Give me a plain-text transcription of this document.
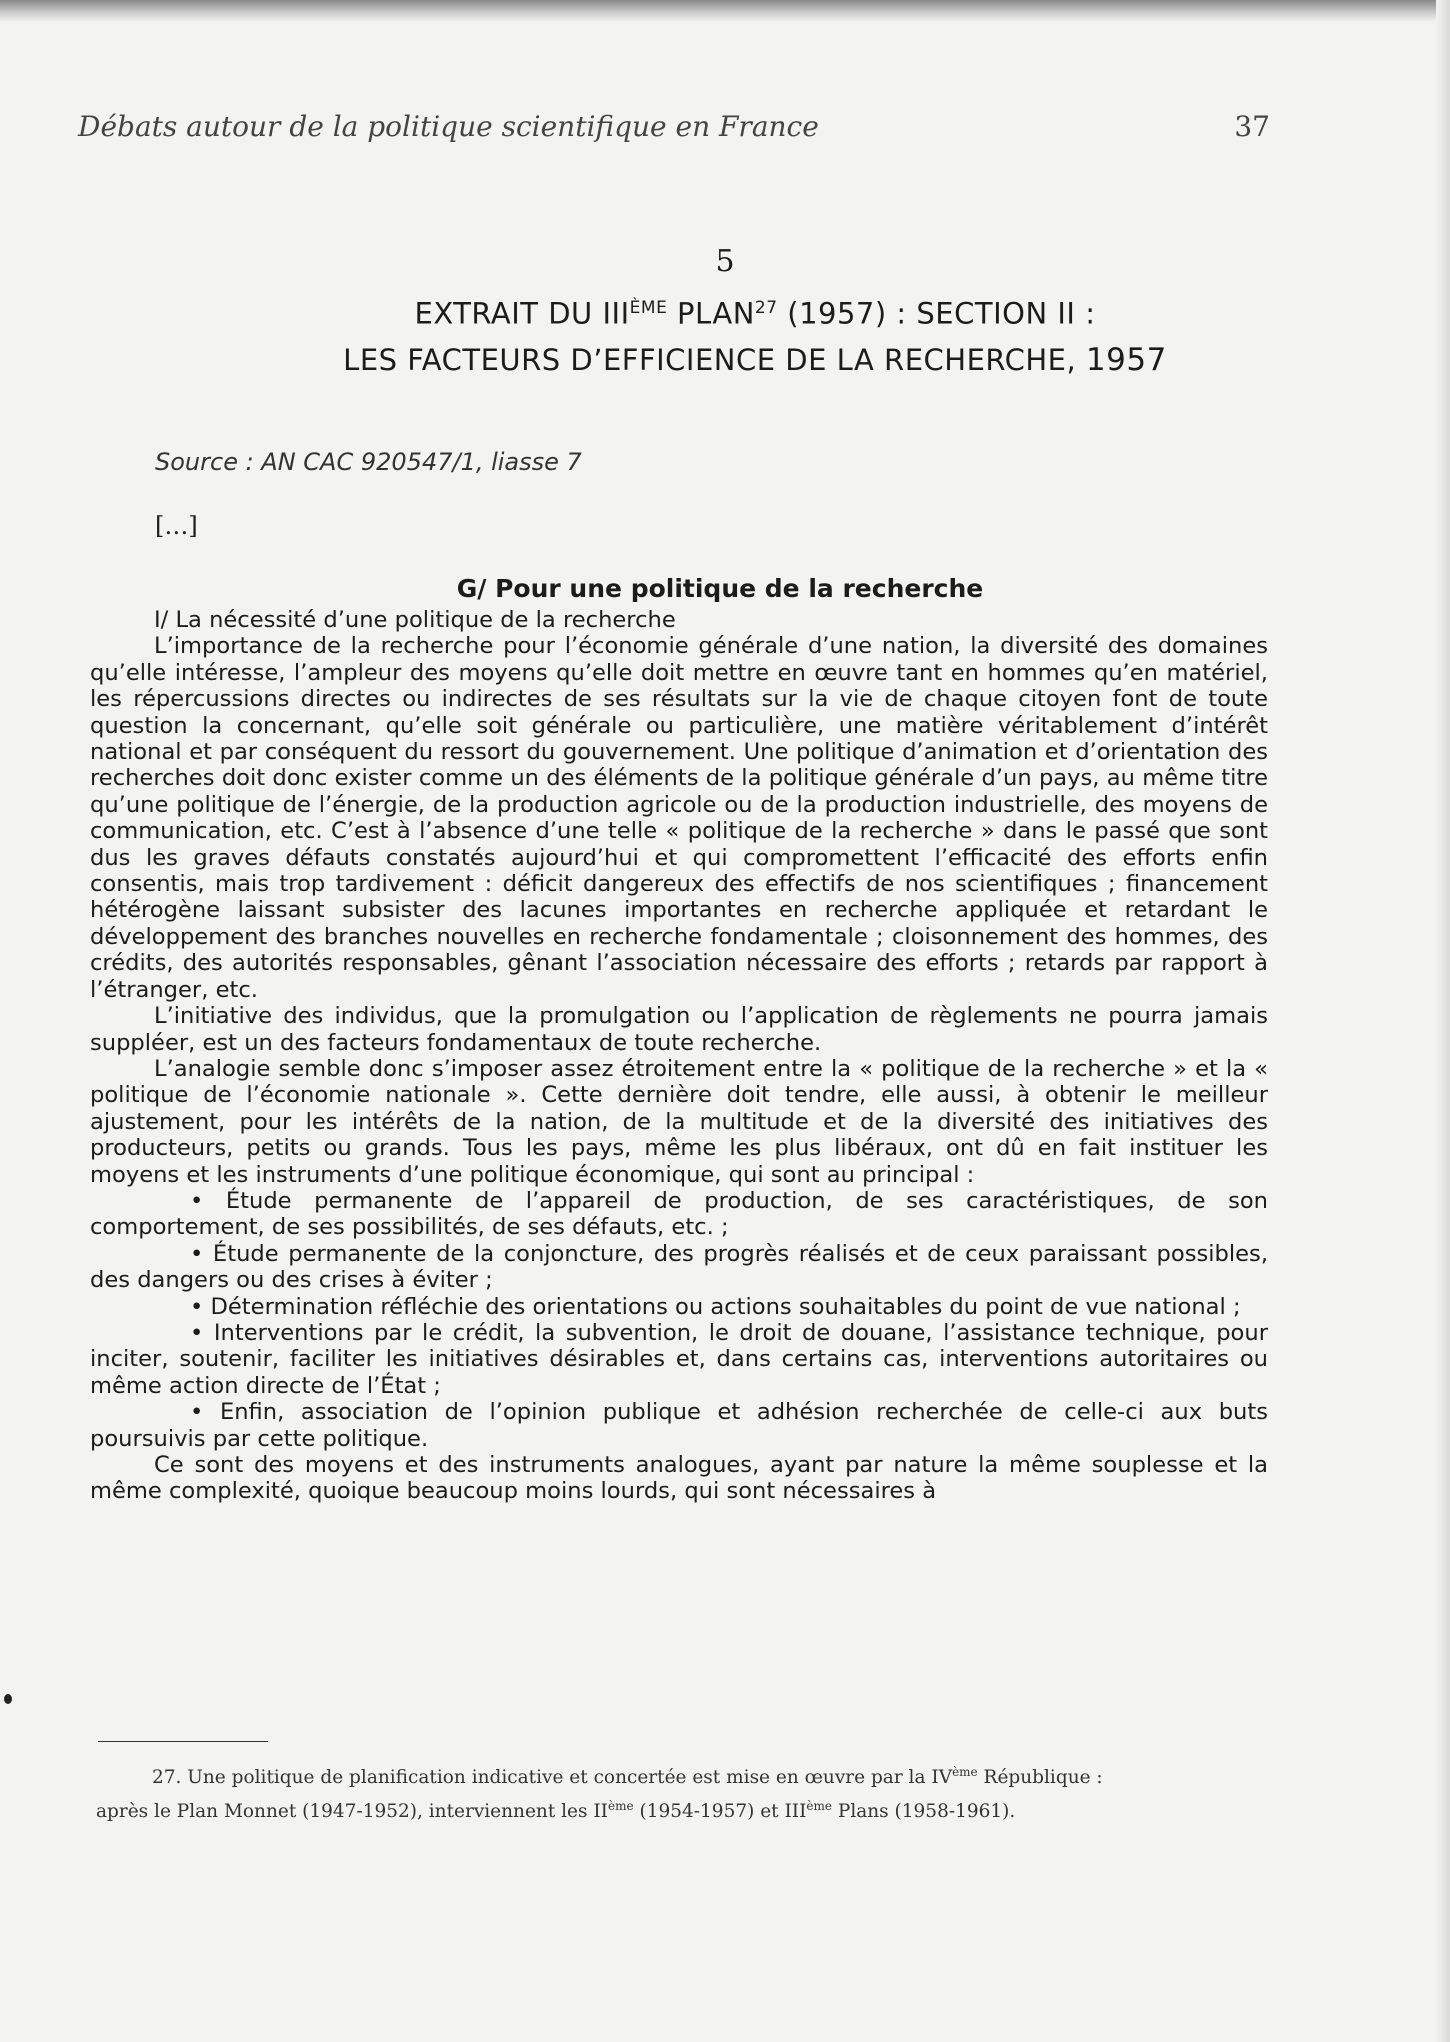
Débats autour de la politique scientifique en France	37
5
EXTRAIT DU IIIÈME PLAN$^{27}$ (1957) : SECTION II :
LES FACTEURS D’EFFICIENCE DE LA RECHERCHE, 1957
Source : AN CAC 920547/1, liasse 7
[…]
G/ Pour une politique de la recherche

I/ La nécessité d’une politique de la recherche

L’importance de la recherche pour l’économie générale d’une nation, la diversité des domaines qu’elle intéresse, l’ampleur des moyens qu’elle doit mettre en œuvre tant en hommes qu’en matériel, les répercussions directes ou indirectes de ses résultats sur la vie de chaque citoyen font de toute question la concernant, qu’elle soit générale ou particulière, une matière véritablement d’intérêt national et par conséquent du ressort du gouvernement. Une politique d’animation et d’orientation des recherches doit donc exister comme un des éléments de la politique générale d’un pays, au même titre qu’une politique de l’énergie, de la production agricole ou de la production industrielle, des moyens de communication, etc. C’est à l’absence d’une telle « politique de la recherche » dans le passé que sont dus les graves défauts constatés aujourd’hui et qui compromettent l’efficacité des efforts enfin consentis, mais trop tardivement : déficit dangereux des effectifs de nos scientifiques ; financement hétérogène laissant subsister des lacunes importantes en recherche appliquée et retardant le développement des branches nouvelles en recherche fondamentale ; cloisonnement des hommes, des crédits, des autorités responsables, gênant l’association nécessaire des efforts ; retards par rapport à l’étranger, etc.

L’initiative des individus, que la promulgation ou l’application de règlements ne pourra jamais suppléer, est un des facteurs fondamentaux de toute recherche.

L’analogie semble donc s’imposer assez étroitement entre la « politique de la recherche » et la « politique de l’économie nationale ». Cette dernière doit tendre, elle aussi, à obtenir le meilleur ajustement, pour les intérêts de la nation, de la multitude et de la diversité des initiatives des producteurs, petits ou grands. Tous les pays, même les plus libéraux, ont dû en fait instituer les moyens et les instruments d’une politique économique, qui sont au principal :

• Étude permanente de l’appareil de production, de ses caractéristiques, de son comportement, de ses possibilités, de ses défauts, etc. ;

• Étude permanente de la conjoncture, des progrès réalisés et de ceux paraissant possibles, des dangers ou des crises à éviter ;

• Détermination réfléchie des orientations ou actions souhaitables du point de vue national ;

• Interventions par le crédit, la subvention, le droit de douane, l’assistance technique, pour inciter, soutenir, faciliter les initiatives désirables et, dans certains cas, interventions autoritaires ou même action directe de l’État ;

• Enfin, association de l’opinion publique et adhésion recherchée de celle-ci aux buts poursuivis par cette politique.

Ce sont des moyens et des instruments analogues, ayant par nature la même souplesse et la même complexité, quoique beaucoup moins lourds, qui sont nécessaires à

27. Une politique de planification indicative et concertée est mise en œuvre par la IVème République :
après le Plan Monnet (1947-1952), interviennent les IIème (1954-1957) et IIIème Plans (1958-1961).
